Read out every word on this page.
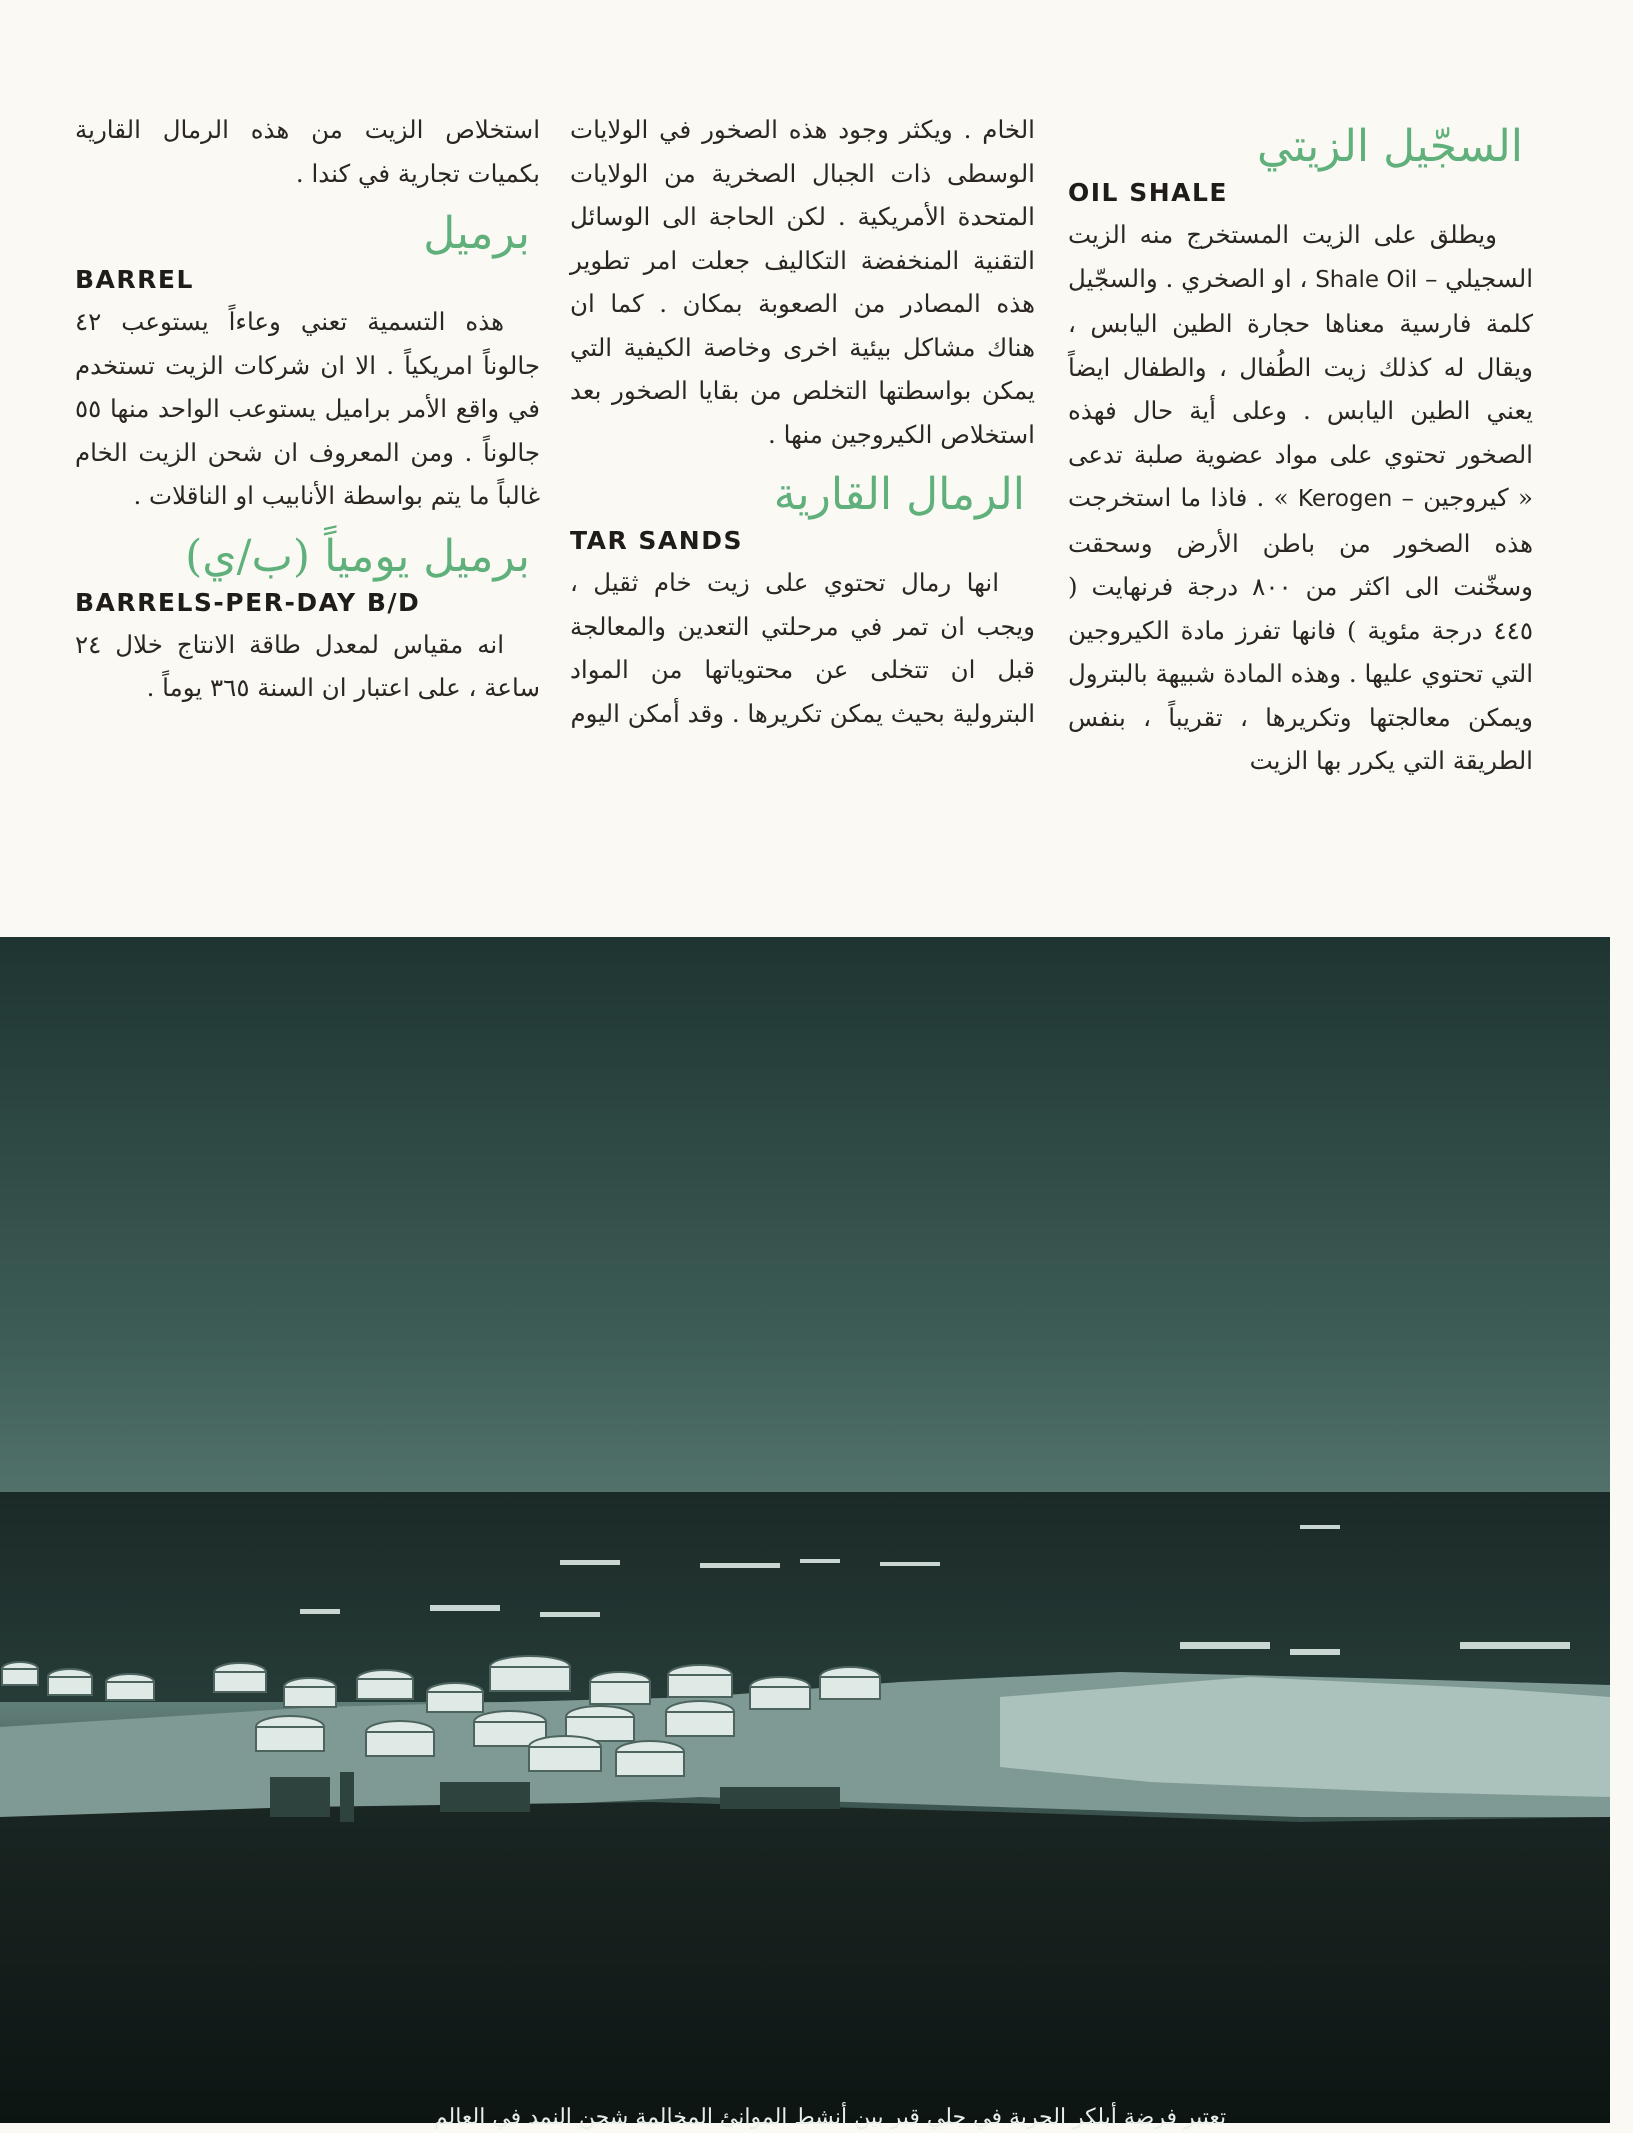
السجّيل الزيتي
OIL SHALE

ويطلق على الزيت المستخرج منه الزيت السجيلي – Shale Oil ، او الصخري . والسجّيل كلمة فارسية معناها حجارة الطين اليابس ، ويقال له كذلك زيت الطُفال ، والطفال ايضاً يعني الطين اليابس . وعلى أية حال فهذه الصخور تحتوي على مواد عضوية صلبة تدعى « كيروجين – Kerogen » . فاذا ما استخرجت هذه الصخور من باطن الأرض وسحقت وسخّنت الى اكثر من ٨٠٠ درجة فرنهايت ( ٤٤٥ درجة مئوية ) فانها تفرز مادة الكيروجين التي تحتوي عليها . وهذه المادة شبيهة بالبترول ويمكن معالجتها وتكريرها ، تقريباً ، بنفس الطريقة التي يكرر بها الزيت

الخام . ويكثر وجود هذه الصخور في الولايات الوسطى ذات الجبال الصخرية من الولايات المتحدة الأمريكية . لكن الحاجة الى الوسائل التقنية المنخفضة التكاليف جعلت امر تطوير هذه المصادر من الصعوبة بمكان . كما ان هناك مشاكل بيئية اخرى وخاصة الكيفية التي يمكن بواسطتها التخلص من بقايا الصخور بعد استخلاص الكيروجين منها .

الرمال القارية
TAR SANDS

انها رمال تحتوي على زيت خام ثقيل ، ويجب ان تمر في مرحلتي التعدين والمعالجة قبل ان تتخلى عن محتوياتها من المواد البترولية بحيث يمكن تكريرها . وقد أمكن اليوم

استخلاص الزيت من هذه الرمال القارية بكميات تجارية في كندا .

برميل
BARREL

هذه التسمية تعني وعاءاً يستوعب ٤٢ جالوناً امريكياً . الا ان شركات الزيت تستخدم في واقع الأمر براميل يستوعب الواحد منها ٥٥ جالوناً . ومن المعروف ان شحن الزيت الخام غالباً ما يتم بواسطة الأنابيب او الناقلات .

برميل يومياً (ب/ي)
BARRELS-PER-DAY B/D

انه مقياس لمعدل طاقة الانتاج خلال ٢٤ ساعة ، على اعتبار ان السنة ٣٦٥ يوماً .

تعتبر فرضة أبلكر الحرية في جلي قبر بين أنشط الموانئ المخالمة شحن النمد في العالم
